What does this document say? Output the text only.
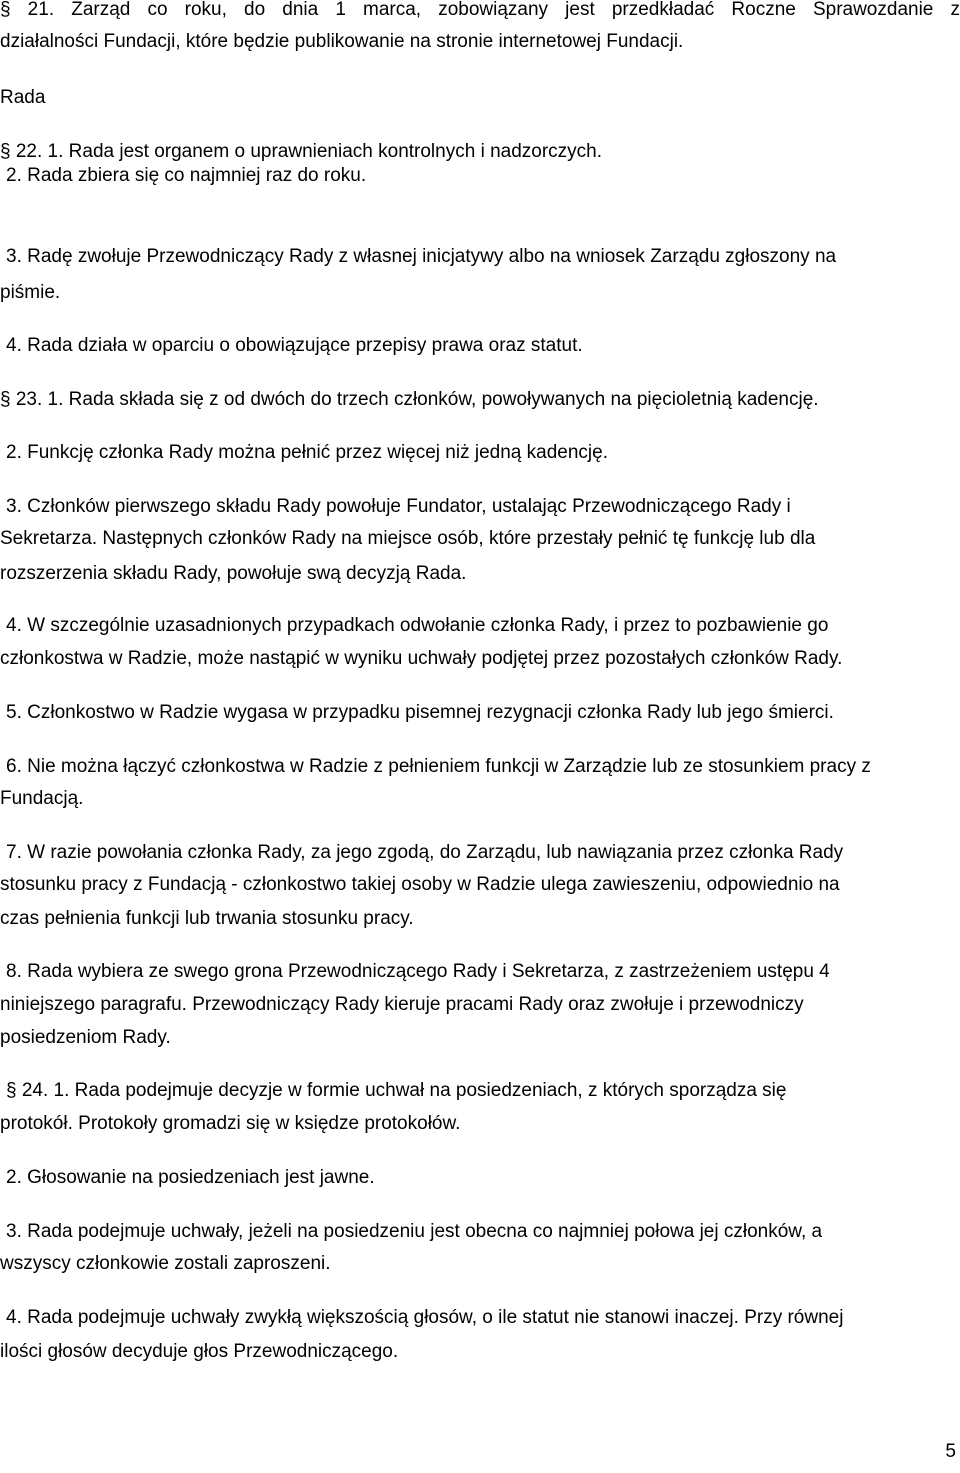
§ 21. Zarząd co roku, do dnia 1 marca, zobowiązany jest przedkładać Roczne Sprawozdanie z
działalności Fundacji, które będzie publikowanie na stronie internetowej Fundacji.
Rada
§ 22. 1. Rada jest organem o uprawnieniach kontrolnych i nadzorczych.
2. Rada zbiera się co najmniej raz do roku.
3. Radę zwołuje Przewodniczący Rady z własnej inicjatywy albo na wniosek Zarządu zgłoszony na
piśmie.
4. Rada działa w oparciu o obowiązujące przepisy prawa oraz statut.
§ 23. 1. Rada składa się z od dwóch do trzech członków, powoływanych na pięcioletnią kadencję.
2. Funkcję członka Rady można pełnić przez więcej niż jedną kadencję.
3. Członków pierwszego składu Rady powołuje Fundator, ustalając Przewodniczącego Rady i
Sekretarza. Następnych członków Rady na miejsce osób, które przestały pełnić tę funkcję lub dla
rozszerzenia składu Rady, powołuje swą decyzją Rada.
4. W szczególnie uzasadnionych przypadkach odwołanie członka Rady, i przez to pozbawienie go
członkostwa w Radzie, może nastąpić w wyniku uchwały podjętej przez pozostałych członków Rady.
5. Członkostwo w Radzie wygasa w przypadku pisemnej rezygnacji członka Rady lub jego śmierci.
6. Nie można łączyć członkostwa w Radzie z pełnieniem funkcji w Zarządzie lub ze stosunkiem pracy z
Fundacją.
7. W razie powołania członka Rady, za jego zgodą, do Zarządu, lub nawiązania przez członka Rady
stosunku pracy z Fundacją - członkostwo takiej osoby w Radzie ulega zawieszeniu, odpowiednio na
czas pełnienia funkcji lub trwania stosunku pracy.
8. Rada wybiera ze swego grona Przewodniczącego Rady i Sekretarza, z zastrzeżeniem ustępu 4
niniejszego paragrafu. Przewodniczący Rady kieruje pracami Rady oraz zwołuje i przewodniczy
posiedzeniom Rady.
§ 24. 1. Rada podejmuje decyzje w formie uchwał na posiedzeniach, z których sporządza się
protokół. Protokoły gromadzi się w księdze protokołów.
2. Głosowanie na posiedzeniach jest jawne.
3. Rada podejmuje uchwały, jeżeli na posiedzeniu jest obecna co najmniej połowa jej członków, a
wszyscy członkowie zostali zaproszeni.
4. Rada podejmuje uchwały zwykłą większością głosów, o ile statut nie stanowi inaczej. Przy równej
ilości głosów decyduje głos Przewodniczącego.
5
